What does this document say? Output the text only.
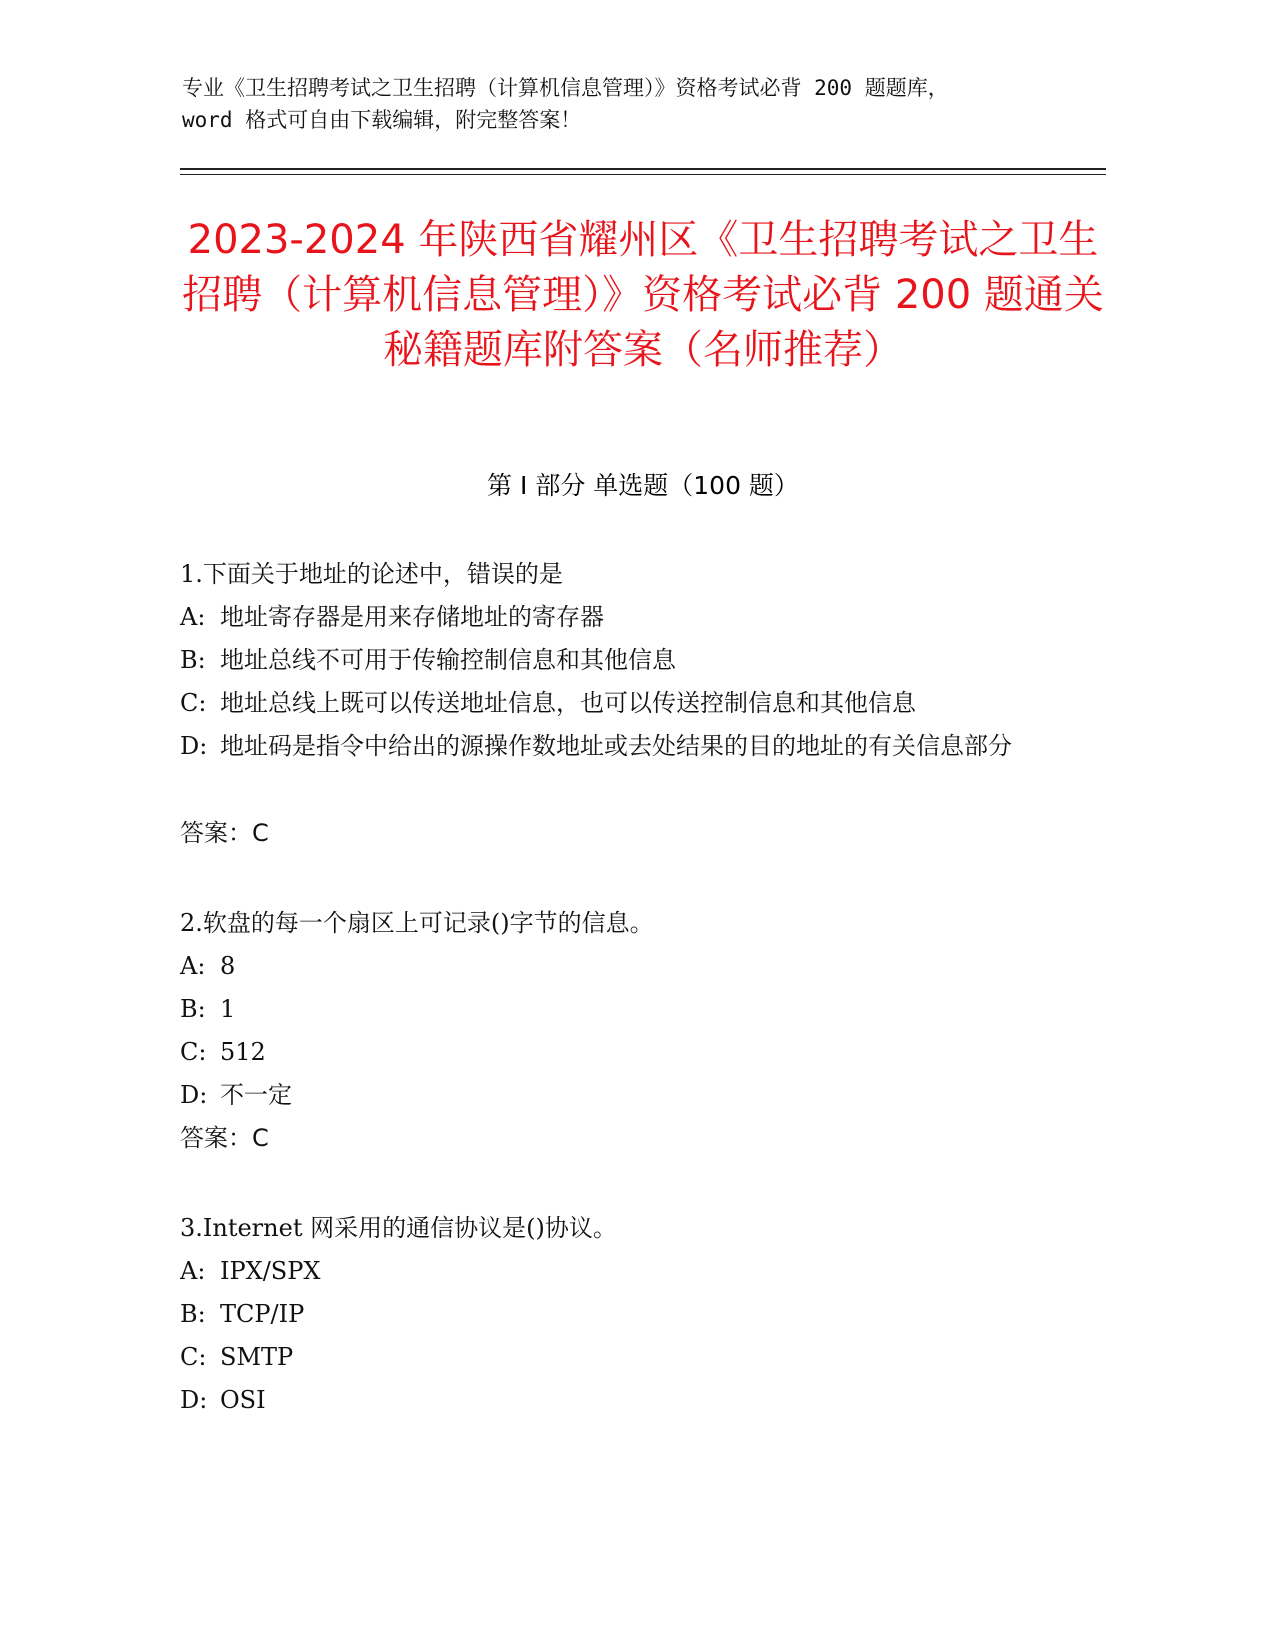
专业《卫生招聘考试之卫生招聘（计算机信息管理）》资格考试必背 200 题题库，
word 格式可自由下载编辑，附完整答案！
2023-2024 年陕西省耀州区《卫生招聘考试之卫生招聘（计算机信息管理）》资格考试必背 200 题通关秘籍题库附答案（名师推荐）
第 I 部分 单选题（100 题）
1.下面关于地址的论述中，错误的是
A: 地址寄存器是用来存储地址的寄存器
B: 地址总线不可用于传输控制信息和其他信息
C: 地址总线上既可以传送地址信息，也可以传送控制信息和其他信息
D: 地址码是指令中给出的源操作数地址或去处结果的目的地址的有关信息部分
答案：C
2.软盘的每一个扇区上可记录()字节的信息。
A: 8
B: 1
C: 512
D: 不一定
答案：C
3.Internet 网采用的通信协议是()协议。
A: IPX/SPX
B: TCP/IP
C: SMTP
D: OSI
